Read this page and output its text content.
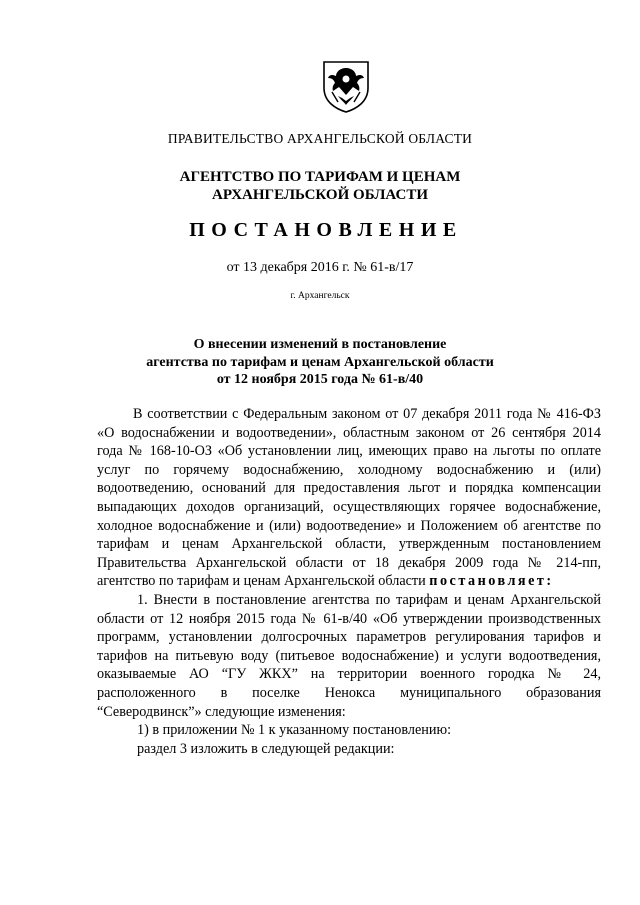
ПРАВИТЕЛЬСТВО АРХАНГЕЛЬСКОЙ ОБЛАСТИ
АГЕНТСТВО ПО ТАРИФАМ И ЦЕНАМ
АРХАНГЕЛЬСКОЙ ОБЛАСТИ
ПОСТАНОВЛЕНИЕ
от 13 декабря 2016 г. № 61-в/17
г. Архангельск
О внесении изменений в постановление
агентства по тарифам и ценам Архангельской области
от 12 ноября 2015 года № 61-в/40

В соответствии с Федеральным законом от 07 декабря 2011 года № 416-ФЗ «О водоснабжении и водоотведении», областным законом от 26 сентября 2014 года № 168-10-ОЗ «Об установлении лиц, имеющих право на льготы по оплате услуг по горячему водоснабжению, холодному водоснабжению и (или) водоотведению, оснований для предоставления льгот и порядка компенсации выпадающих доходов организаций, осуществляющих горячее водоснабжение, холодное водоснабжение и (или) водоотведение» и Положением об агентстве по тарифам и ценам Архангельской области, утвержденным постановлением Правительства Архангельской области от 18 декабря 2009 года № 214-пп, агентство по тарифам и ценам Архангельской области постановляет:

1. Внести в постановление агентства по тарифам и ценам Архангельской области от 12 ноября 2015 года № 61-в/40 «Об утверждении производственных программ, установлении долгосрочных параметров регулирования тарифов и тарифов на питьевую воду (питьевое водоснабжение) и услуги водоотведения, оказываемые АО “ГУ ЖКХ” на территории военного городка № 24, расположенного в поселке Ненокса муниципального образования “Северодвинск”» следующие изменения:

1) в приложении № 1 к указанному постановлению:

раздел 3 изложить в следующей редакции:
